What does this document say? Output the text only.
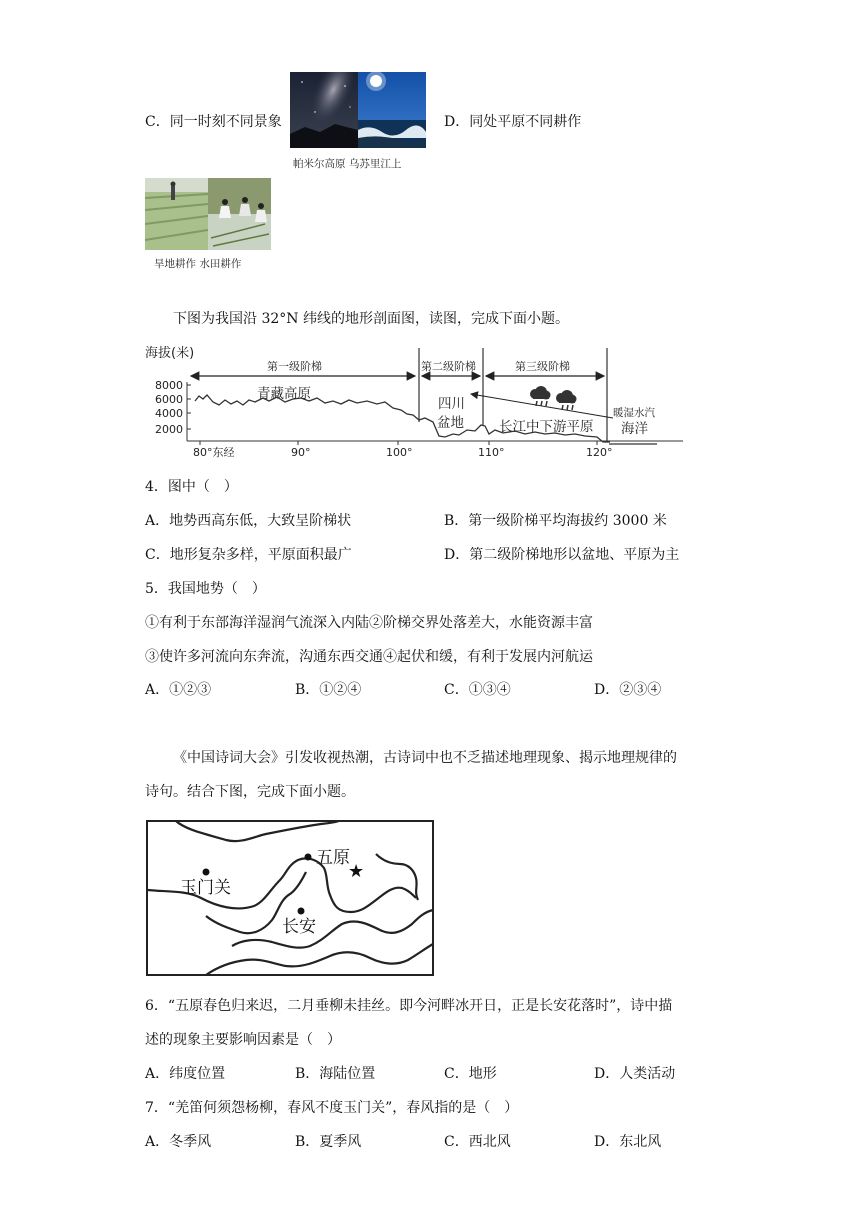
C．同一时刻不同景象
帕米尔高原 乌苏里江上
D．同处平原不同耕作
旱地耕作 水田耕作
下图为我国沿 32°N 纬线的地形剖面图，读图，完成下面小题。
海拔(米)
8000
6000
4000
2000
80°东经	90°	100°	110°	120°
第一级阶梯	第二级阶梯	第三级阶梯
青藏高原
四川
盆地	长江中下游平原
暖湿水汽
海洋
4．图中（　）
A．地势西高东低，大致呈阶梯状	B．第一级阶梯平均海拔约 3000 米
C．地形复杂多样，平原面积最广	D．第二级阶梯地形以盆地、平原为主
5．我国地势（　）
①有利于东部海洋湿润气流深入内陆②阶梯交界处落差大，水能资源丰富
③使许多河流向东奔流，沟通东西交通④起伏和缓，有利于发展内河航运
A．①②③	B．①②④	C．①③④	D．②③④
《中国诗词大会》引发收视热潮，古诗词中也不乏描述地理现象、揭示地理规律的
诗句。结合下图，完成下面小题。
玉门关
五原
★
长安
6．“五原春色归来迟，二月垂柳未挂丝。即今河畔冰开日，正是长安花落时”，诗中描
述的现象主要影响因素是（　）
A．纬度位置	B．海陆位置	C．地形	D．人类活动
7．“羌笛何须怨杨柳，春风不度玉门关”，春风指的是（　）
A．冬季风	B．夏季风	C．西北风	D．东北风
